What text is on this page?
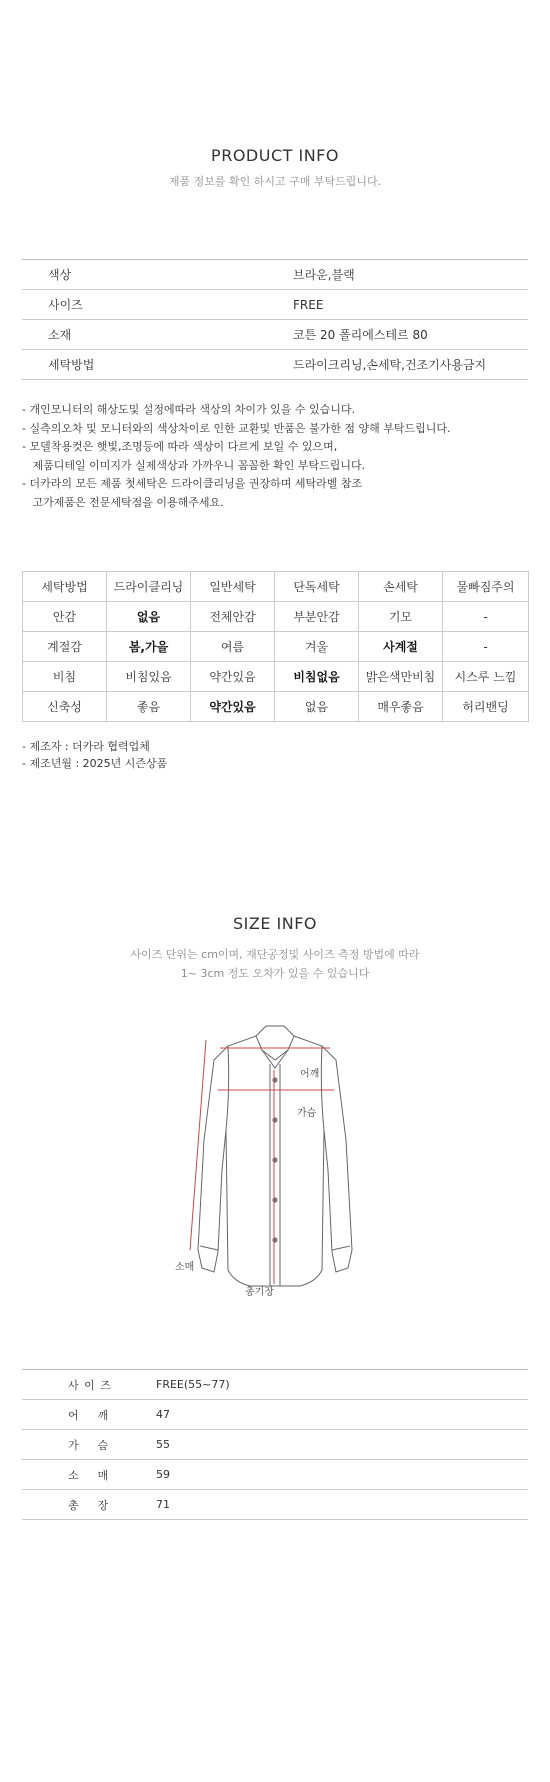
PRODUCT INFO
제품 정보를 확인 하시고 구매 부탁드립니다.
색상	브라운,블랙
사이즈	FREE
소재	코튼 20 폴리에스테르 80
세탁방법	드라이크리닝,손세탁,건조기사용금지
- 개인모니터의 해상도및 설정에따라 색상의 차이가 있을 수 있습니다.
- 실측의오차 및 모니터와의 색상차이로 인한 교환및 반품은 불가한 점 양해 부탁드립니다.
- 모델착용컷은 햇빛,조명등에 따라 색상이 다르게 보일 수 있으며,
제품디테일 이미지가 실제색상과 가까우니 꼼꼼한 확인 부탁드립니다.
- 더카라의 모든 제품 첫세탁은 드라이클리닝을 권장하며 세탁라벨 참조
고가제품은 전문세탁점을 이용해주세요.
세탁방법	드라이클리닝	일반세탁	단독세탁	손세탁	물빠짐주의
안감	없음	전체안감	부분안감	기모	-
계절감	봄,가을	여름	겨울	사계절	-
비침	비침있음	약간있음	비침없음	밝은색만비침	시스루 느낌
신축성	좋음	약간있음	없음	매우좋음	허리밴딩
- 제조자 : 더카라 협력업체
- 제조년월 : 2025년 시즌상품
SIZE INFO
사이즈 단위는 cm이며, 재단공정및 사이즈 측정 방법에 따라
1~ 3cm 정도 오차가 있을 수 있습니다
어깨
가슴
소매
총기장
사 이 즈	FREE(55~77)
어    깨	47
가    슴	55
소    매	59
총    장	71
